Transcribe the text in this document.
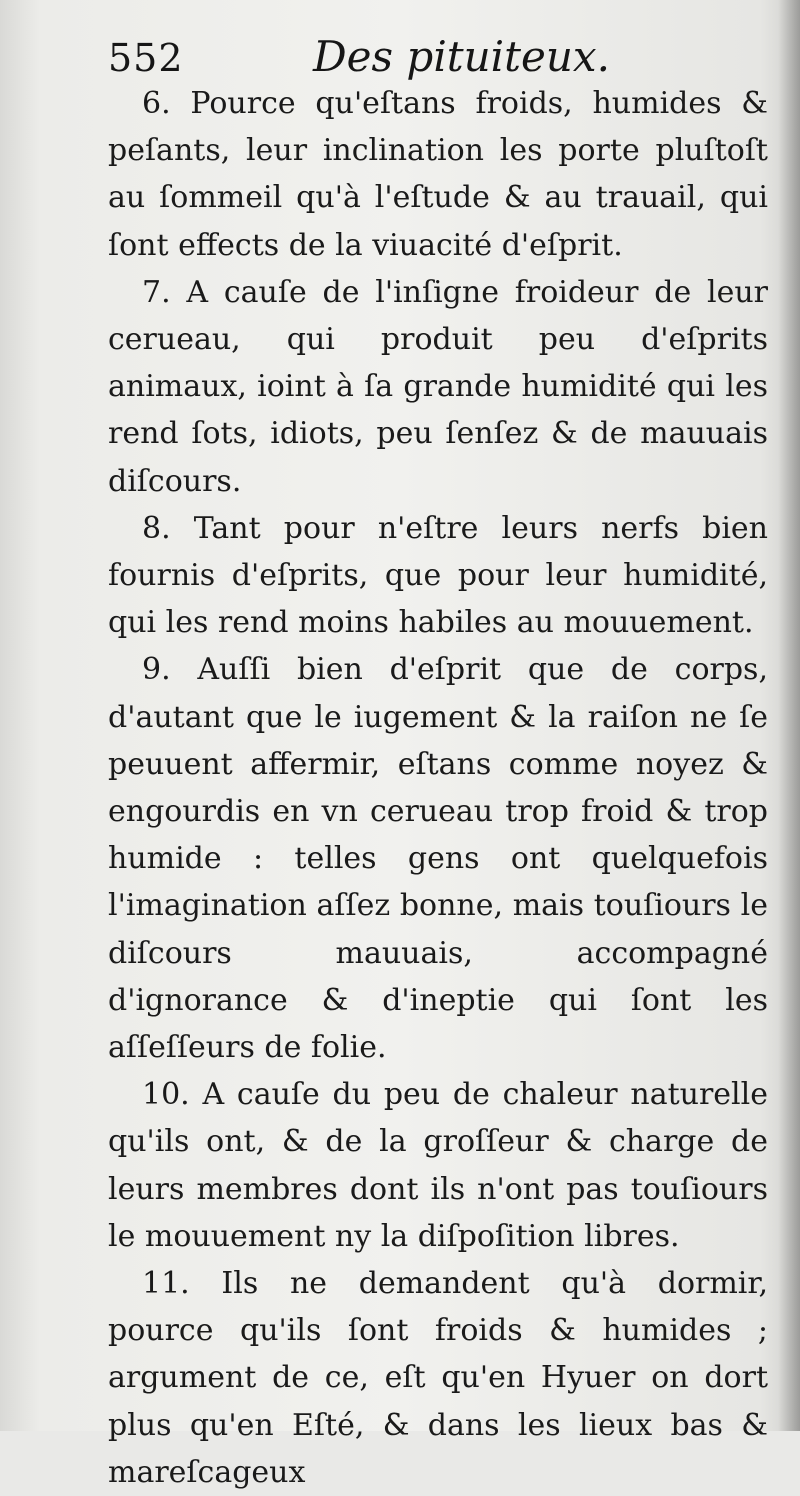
552	Des pituiteux.

6. Pource qu'eſtans froids, humides & peſants, leur inclination les porte pluſtoſt au ſommeil qu'à l'eſtude & au trauail, qui ſont effects de la viuacité d'eſprit.

7. A cauſe de l'inſigne froideur de leur cerueau, qui produit peu d'eſprits animaux, ioint à ſa grande humidité qui les rend ſots, idiots, peu ſenſez & de mauuais diſcours.

8. Tant pour n'eſtre leurs nerfs bien fournis d'eſprits, que pour leur humidité, qui les rend moins habiles au mouuement.

9. Auſſi bien d'eſprit que de corps, d'autant que le iugement & la raiſon ne ſe peuuent affermir, eſtans comme noyez & engourdis en vn cerueau trop froid & trop humide : telles gens ont quelquefois l'imagination aſſez bonne, mais touſiours le diſcours mauuais, accompagné d'ignorance & d'ineptie qui ſont les aſſeſſeurs de folie.

10. A cauſe du peu de chaleur naturelle qu'ils ont, & de la groſſeur & charge de leurs membres dont ils n'ont pas touſiours le mouuement ny la diſpoſition libres.

11. Ils ne demandent qu'à dormir, pource qu'ils ſont froids & humides ; argument de ce, eſt qu'en Hyuer on dort plus qu'en Eſté, & dans les lieux bas & mareſcageux
